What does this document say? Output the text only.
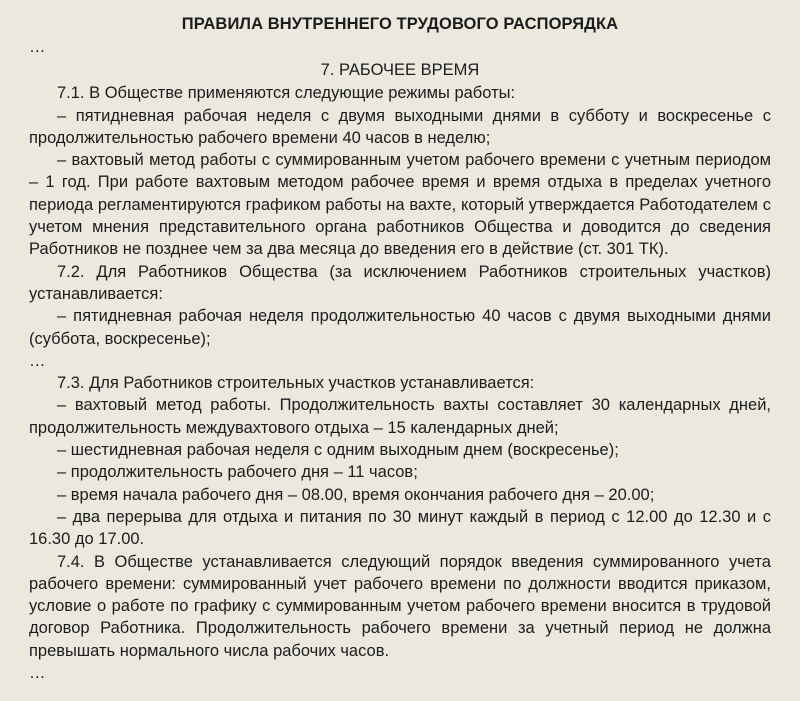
ПРАВИЛА ВНУТРЕННЕГО ТРУДОВОГО РАСПОРЯДКА

…

7. РАБОЧЕЕ ВРЕМЯ

7.1. В Обществе применяются следующие режимы работы:

– пятидневная рабочая неделя с двумя выходными днями в субботу и воскресенье с продолжительностью рабочего времени 40 часов в неделю;

– вахтовый метод работы с суммированным учетом рабочего времени с учетным периодом – 1 год. При работе вахтовым методом рабочее время и время отдыха в пределах учетного периода регламентируются графиком работы на вахте, который утверждается Работодателем с учетом мнения представительного органа работников Общества и доводится до сведения Работников не позднее чем за два месяца до введения его в действие (ст. 301 ТК).

7.2. Для Работников Общества (за исключением Работников строительных участков) устанавливается:

– пятидневная рабочая неделя продолжительностью 40 часов с двумя выходными днями (суббота, воскресенье);

…

7.3. Для Работников строительных участков устанавливается:

– вахтовый метод работы. Продолжительность вахты составляет 30 календарных дней, продолжительность междувахтового отдыха – 15 календарных дней;

– шестидневная рабочая неделя с одним выходным днем (воскресенье);

– продолжительность рабочего дня – 11 часов;

– время начала рабочего дня – 08.00, время окончания рабочего дня – 20.00;

– два перерыва для отдыха и питания по 30 минут каждый в период с 12.00 до 12.30 и с 16.30 до 17.00.

7.4. В Обществе устанавливается следующий порядок введения суммированного учета рабочего времени: суммированный учет рабочего времени по должности вводится приказом, условие о работе по графику с суммированным учетом рабочего времени вносится в трудовой договор Работника. Продолжительность рабочего времени за учетный период не должна превышать нормального числа рабочих часов.

…
